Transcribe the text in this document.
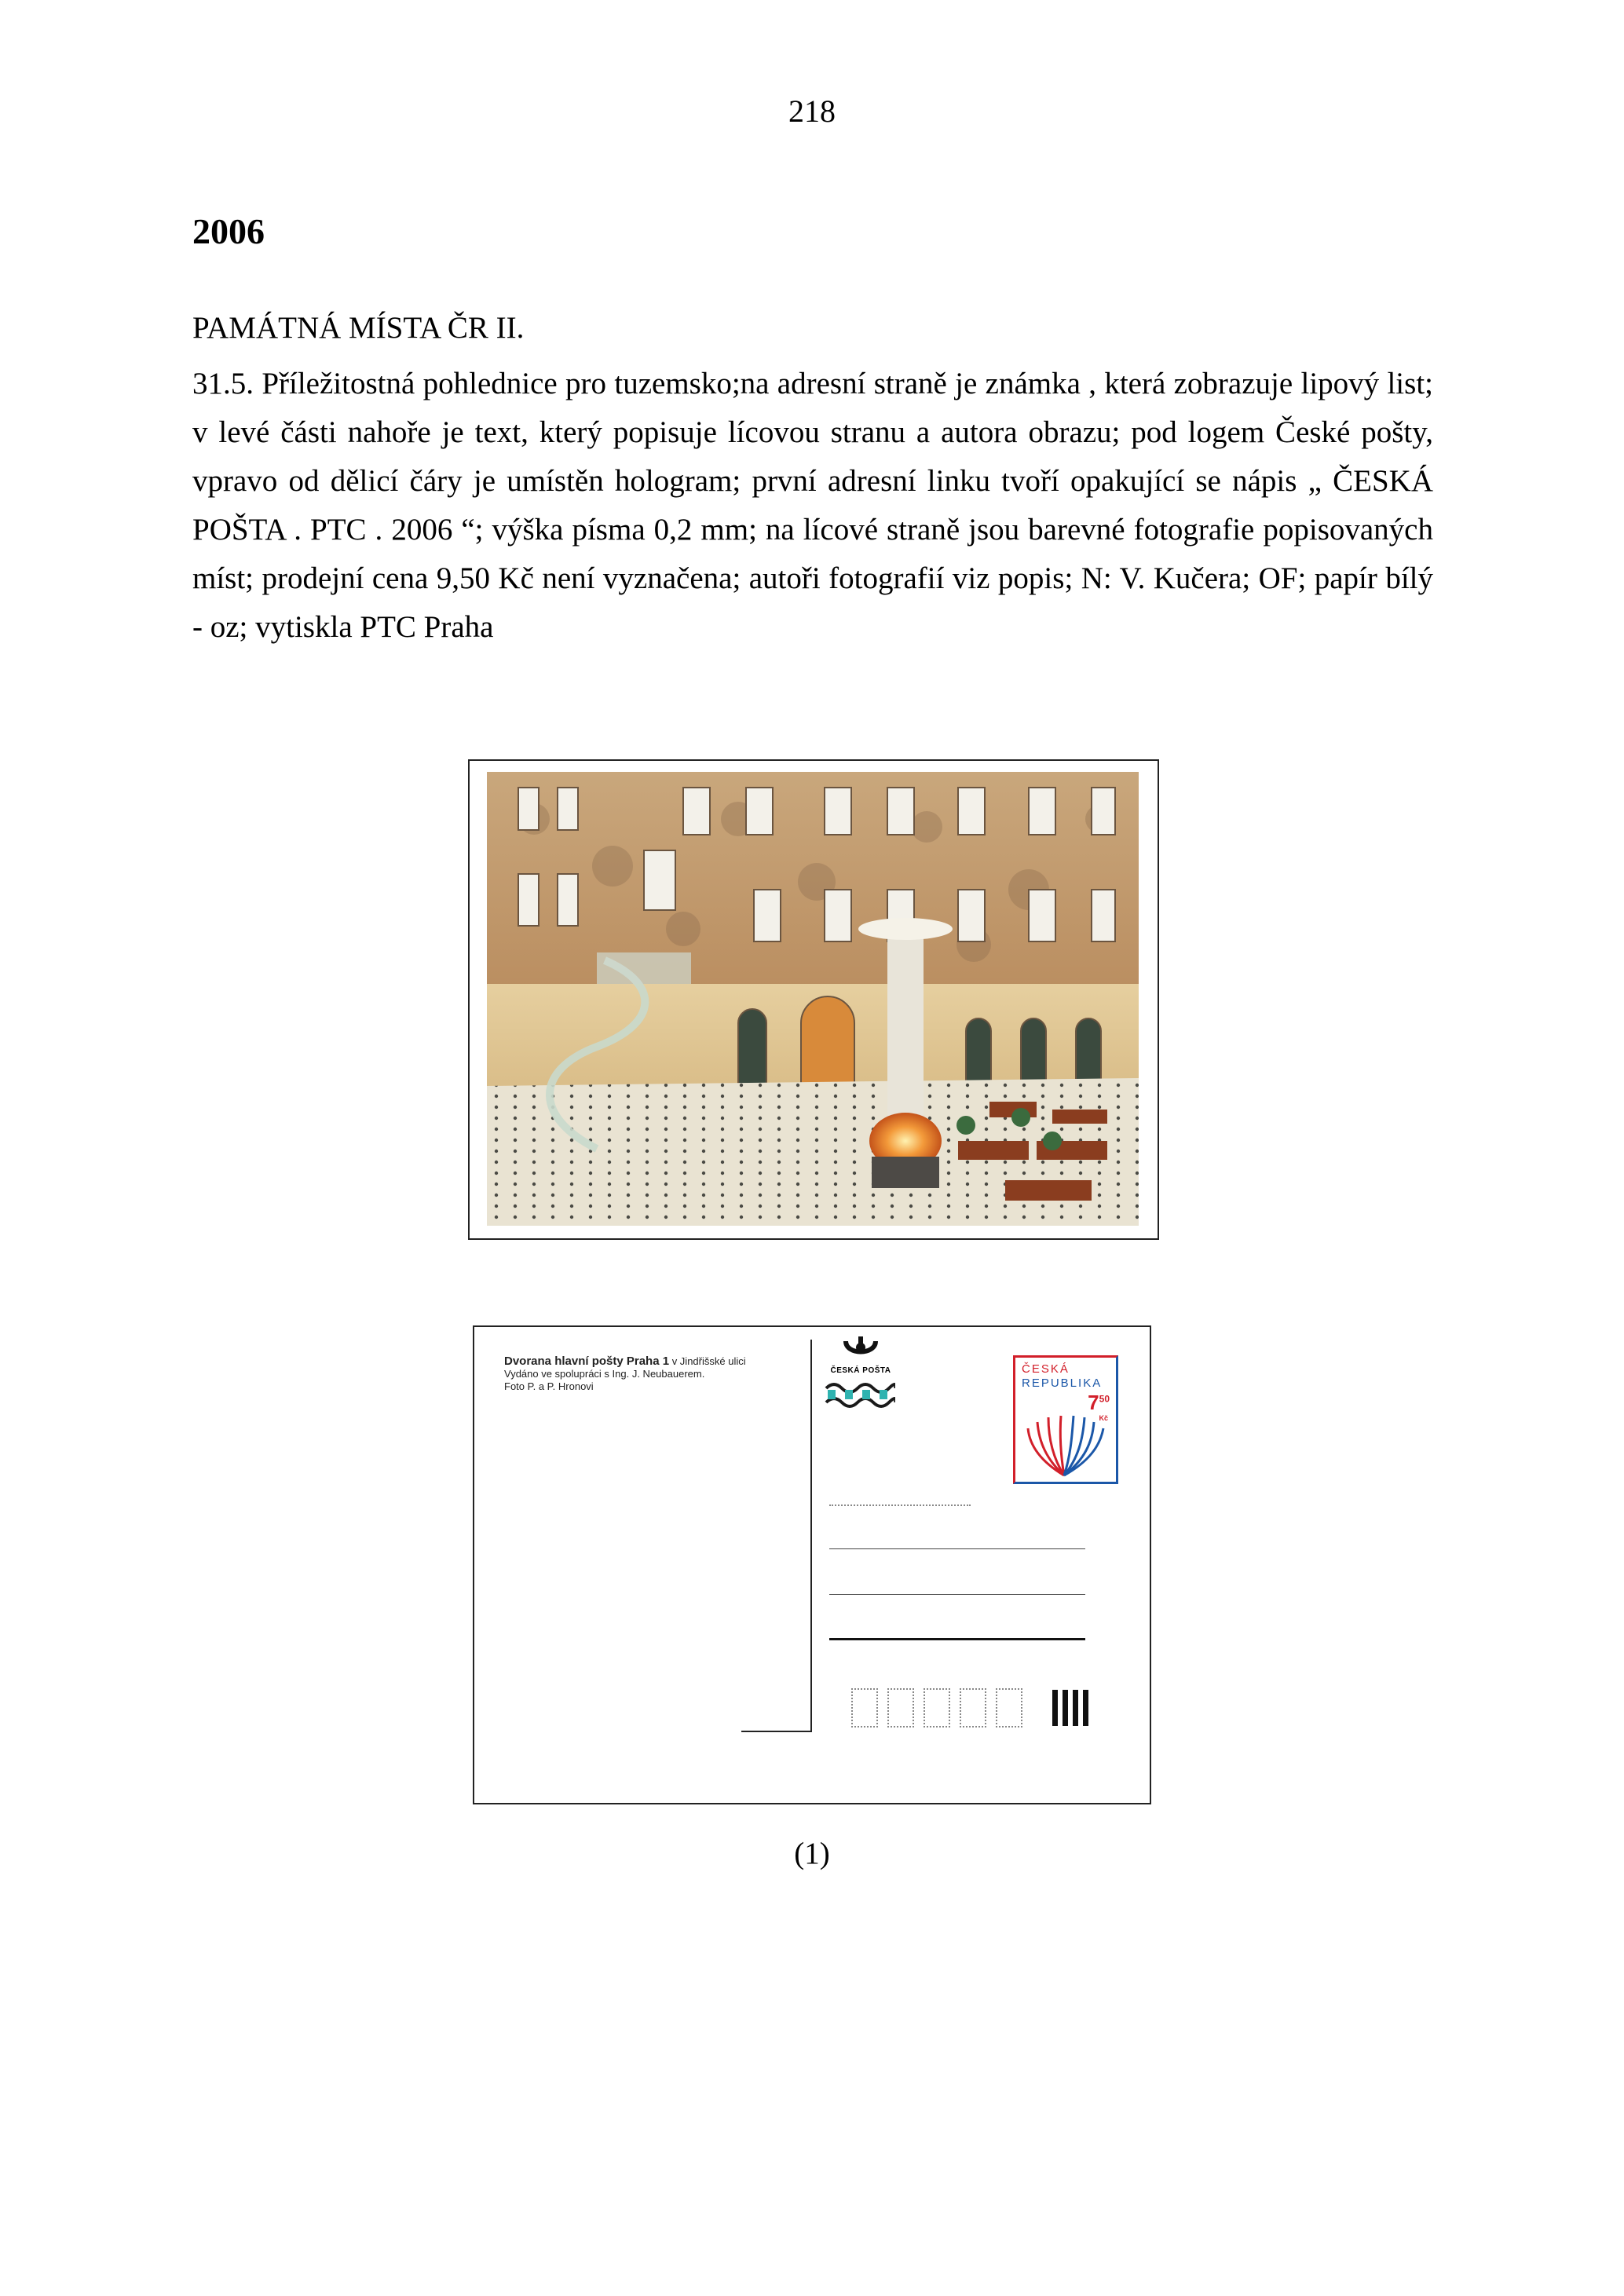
218
2006
PAMÁTNÁ MÍSTA ČR II.
31.5. Příležitostná pohlednice pro tuzemsko;na adresní straně je známka , která zobrazuje lipový list; v levé části nahoře je text, který popisuje lícovou stranu a autora obrazu; pod logem České pošty, vpravo od dělicí čáry je umístěn hologram; první adresní linku tvoří opakující se nápis „ ČESKÁ POŠTA . PTC . 2006 “; výška písma 0,2 mm; na lícové straně jsou barevné fotografie popisovaných míst; prodejní cena 9,50 Kč není vyznačena; autoři fotografií viz popis; N: V. Kučera; OF; papír bílý - oz; vytiskla PTC Praha
Dvorana hlavní pošty Praha 1 v Jindřišské ulici
Vydáno ve spolupráci s Ing. J. Neubauerem.
Foto P. a P. Hronovi
ČESKÁ POŠTA	ČESKÁ
REPUBLIKA
$7^{50}$
Kč
(1)
